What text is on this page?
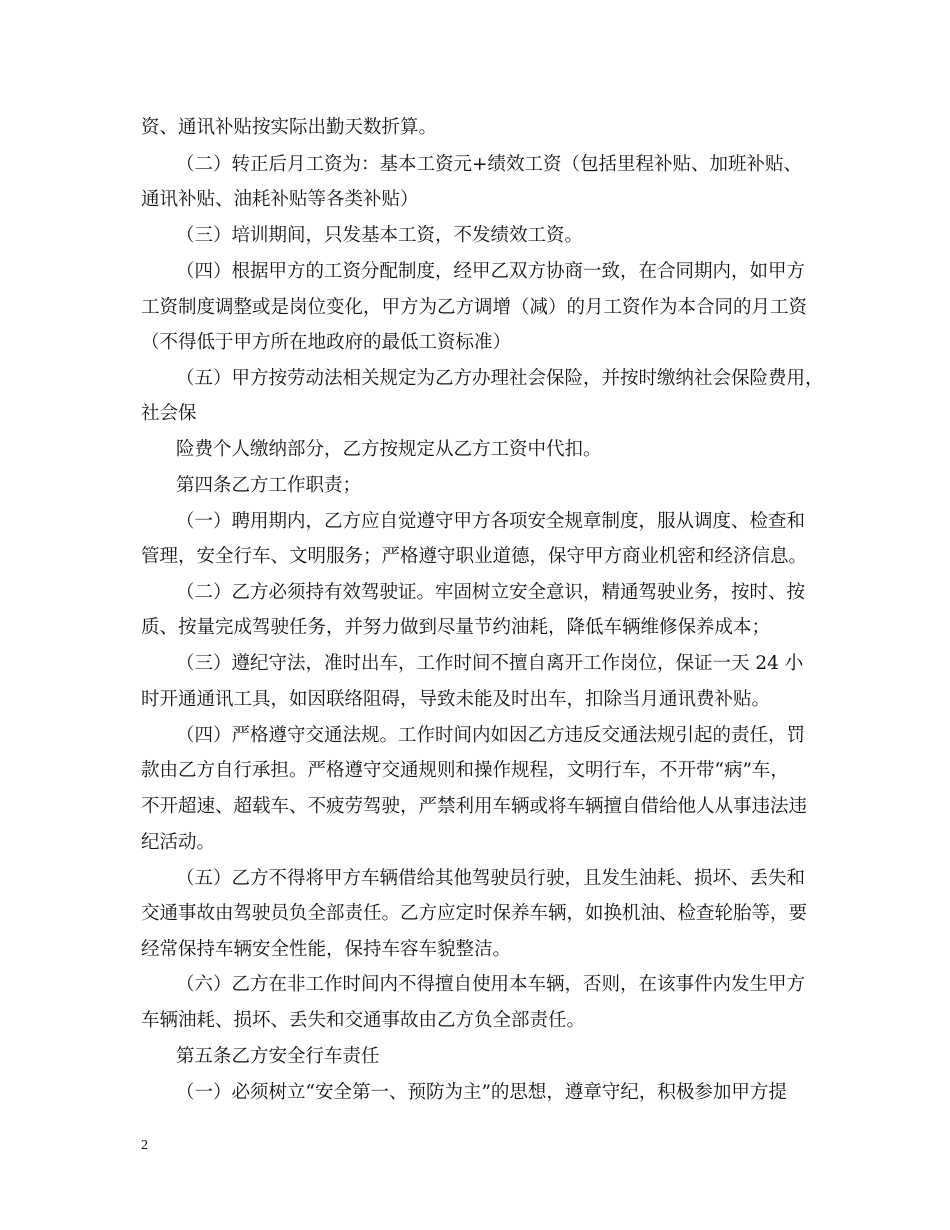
资、通讯补贴按实际出勤天数折算。
（二）转正后月工资为：基本工资元+绩效工资（包括里程补贴、加班补贴、
通讯补贴、油耗补贴等各类补贴）
（三）培训期间，只发基本工资，不发绩效工资。
（四）根据甲方的工资分配制度，经甲乙双方协商一致，在合同期内，如甲方
工资制度调整或是岗位变化，甲方为乙方调增（减）的月工资作为本合同的月工资
（不得低于甲方所在地政府的最低工资标准）
（五）甲方按劳动法相关规定为乙方办理社会保险，并按时缴纳社会保险费用，
社会保
险费个人缴纳部分，乙方按规定从乙方工资中代扣。
第四条乙方工作职责；
（一）聘用期内，乙方应自觉遵守甲方各项安全规章制度，服从调度、检查和
管理，安全行车、文明服务；严格遵守职业道德，保守甲方商业机密和经济信息。
（二）乙方必须持有效驾驶证。牢固树立安全意识，精通驾驶业务，按时、按
质、按量完成驾驶任务，并努力做到尽量节约油耗，降低车辆维修保养成本；
（三）遵纪守法，准时出车，工作时间不擅自离开工作岗位，保证一天 24 小
时开通通讯工具，如因联络阻碍，导致未能及时出车，扣除当月通讯费补贴。
（四）严格遵守交通法规。工作时间内如因乙方违反交通法规引起的责任，罚
款由乙方自行承担。严格遵守交通规则和操作规程，文明行车，不开带“病”车，
不开超速、超载车、不疲劳驾驶，严禁利用车辆或将车辆擅自借给他人从事违法违
纪活动。
（五）乙方不得将甲方车辆借给其他驾驶员行驶，且发生油耗、损坏、丢失和
交通事故由驾驶员负全部责任。乙方应定时保养车辆，如换机油、检查轮胎等，要
经常保持车辆安全性能，保持车容车貌整洁。
（六）乙方在非工作时间内不得擅自使用本车辆，否则，在该事件内发生甲方
车辆油耗、损坏、丢失和交通事故由乙方负全部责任。
第五条乙方安全行车责任
（一）必须树立“安全第一、预防为主”的思想，遵章守纪，积极参加甲方提
2
